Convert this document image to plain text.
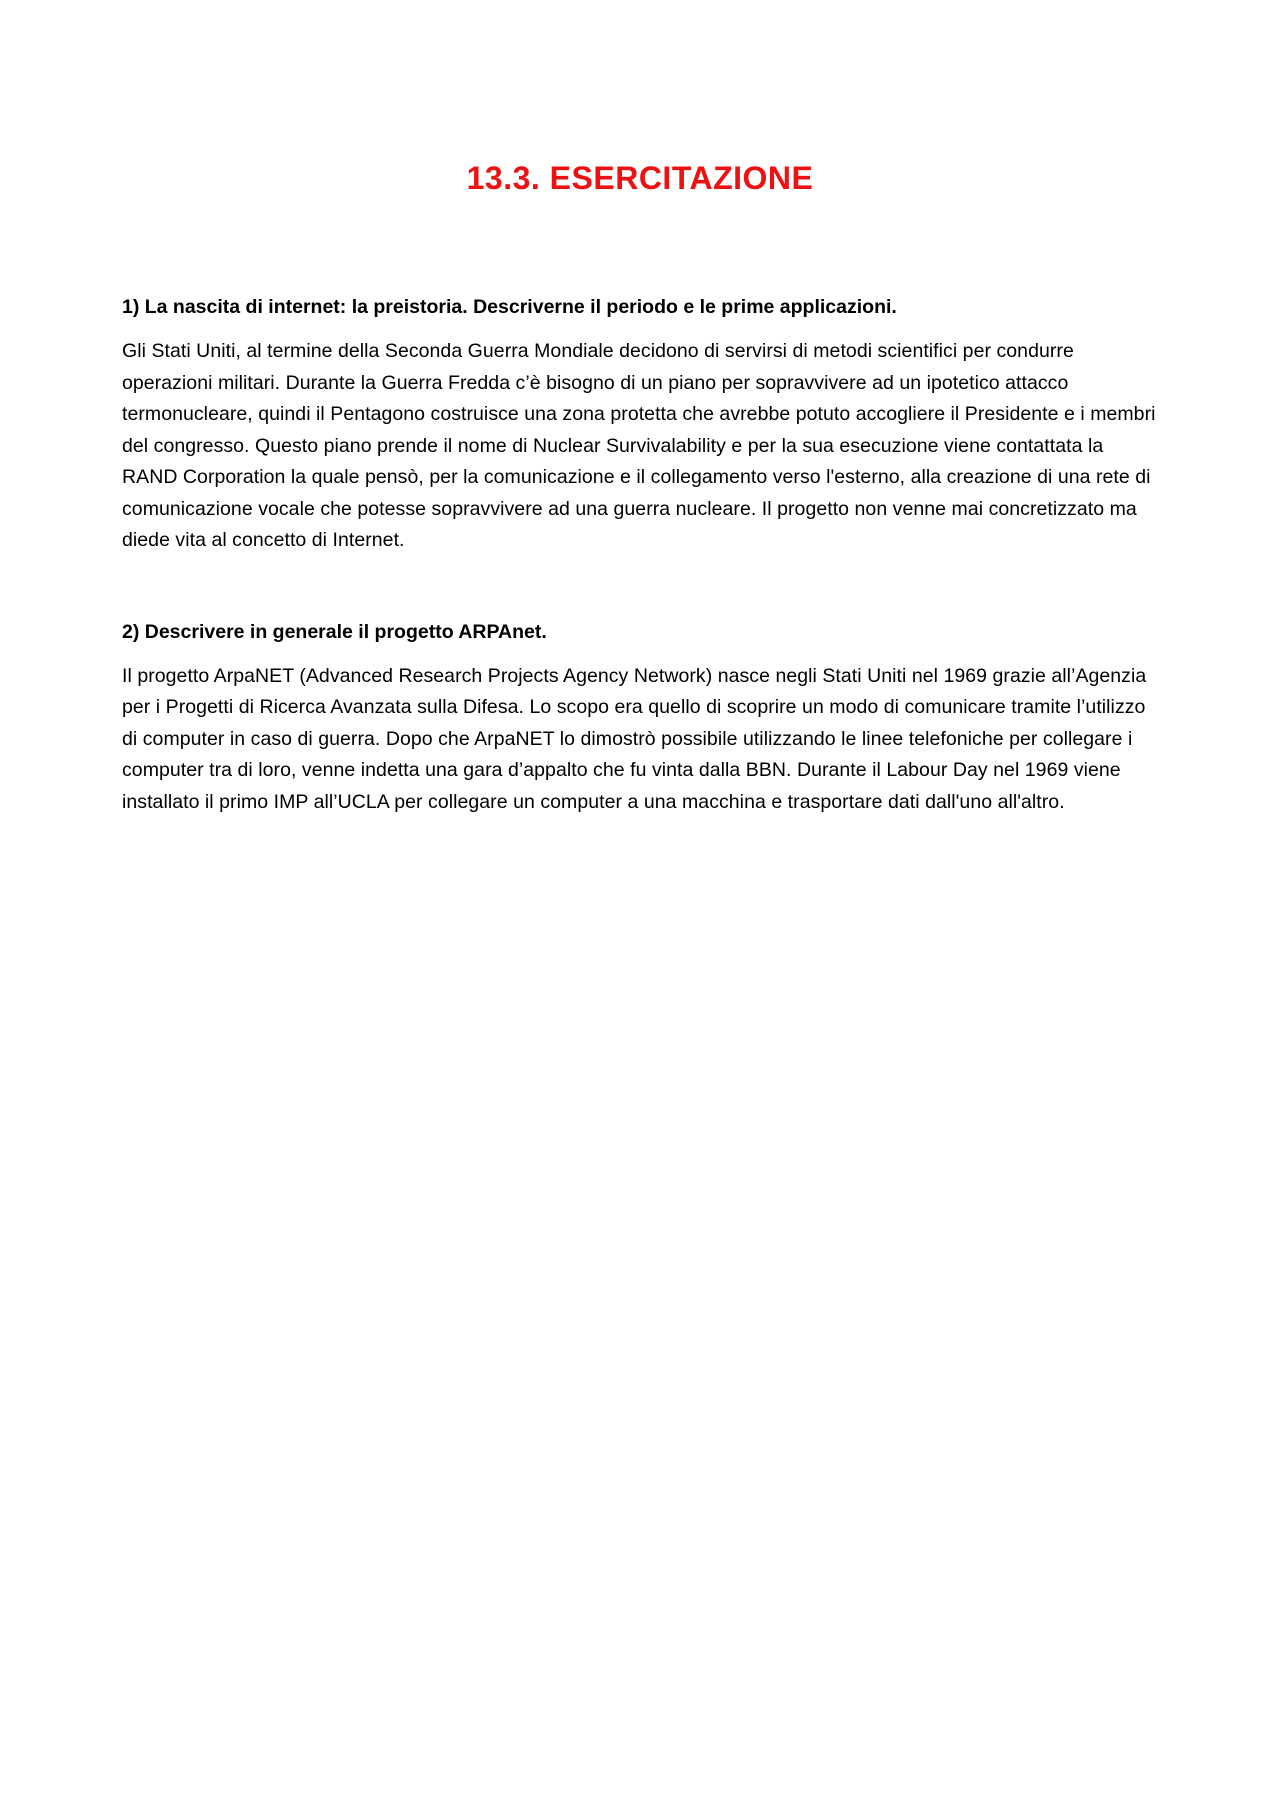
13.3. ESERCITAZIONE

1) La nascita di internet: la preistoria. Descriverne il periodo e le prime applicazioni.

Gli Stati Uniti, al termine della Seconda Guerra Mondiale decidono di servirsi di metodi scientifici per condurre operazioni militari. Durante la Guerra Fredda c’è bisogno di un piano per sopravvivere ad un ipotetico attacco termonucleare, quindi il Pentagono costruisce una zona protetta che avrebbe potuto accogliere il Presidente e i membri del congresso. Questo piano prende il nome di Nuclear Survivalability e per la sua esecuzione viene contattata la RAND Corporation la quale pensò, per la comunicazione e il collegamento verso l'esterno, alla creazione di una rete di comunicazione vocale che potesse sopravvivere ad una guerra nucleare. Il progetto non venne mai concretizzato ma diede vita al concetto di Internet.

2) Descrivere in generale il progetto ARPAnet.

Il progetto ArpaNET (Advanced Research Projects Agency Network) nasce negli Stati Uniti nel 1969 grazie all’Agenzia per i Progetti di Ricerca Avanzata sulla Difesa. Lo scopo era quello di scoprire un modo di comunicare tramite l’utilizzo di computer in caso di guerra. Dopo che ArpaNET lo dimostrò possibile utilizzando le linee telefoniche per collegare i computer tra di loro, venne indetta una gara d’appalto che fu vinta dalla BBN. Durante il Labour Day nel 1969 viene installato il primo IMP all’UCLA per collegare un computer a una macchina e trasportare dati dall'uno all'altro.
